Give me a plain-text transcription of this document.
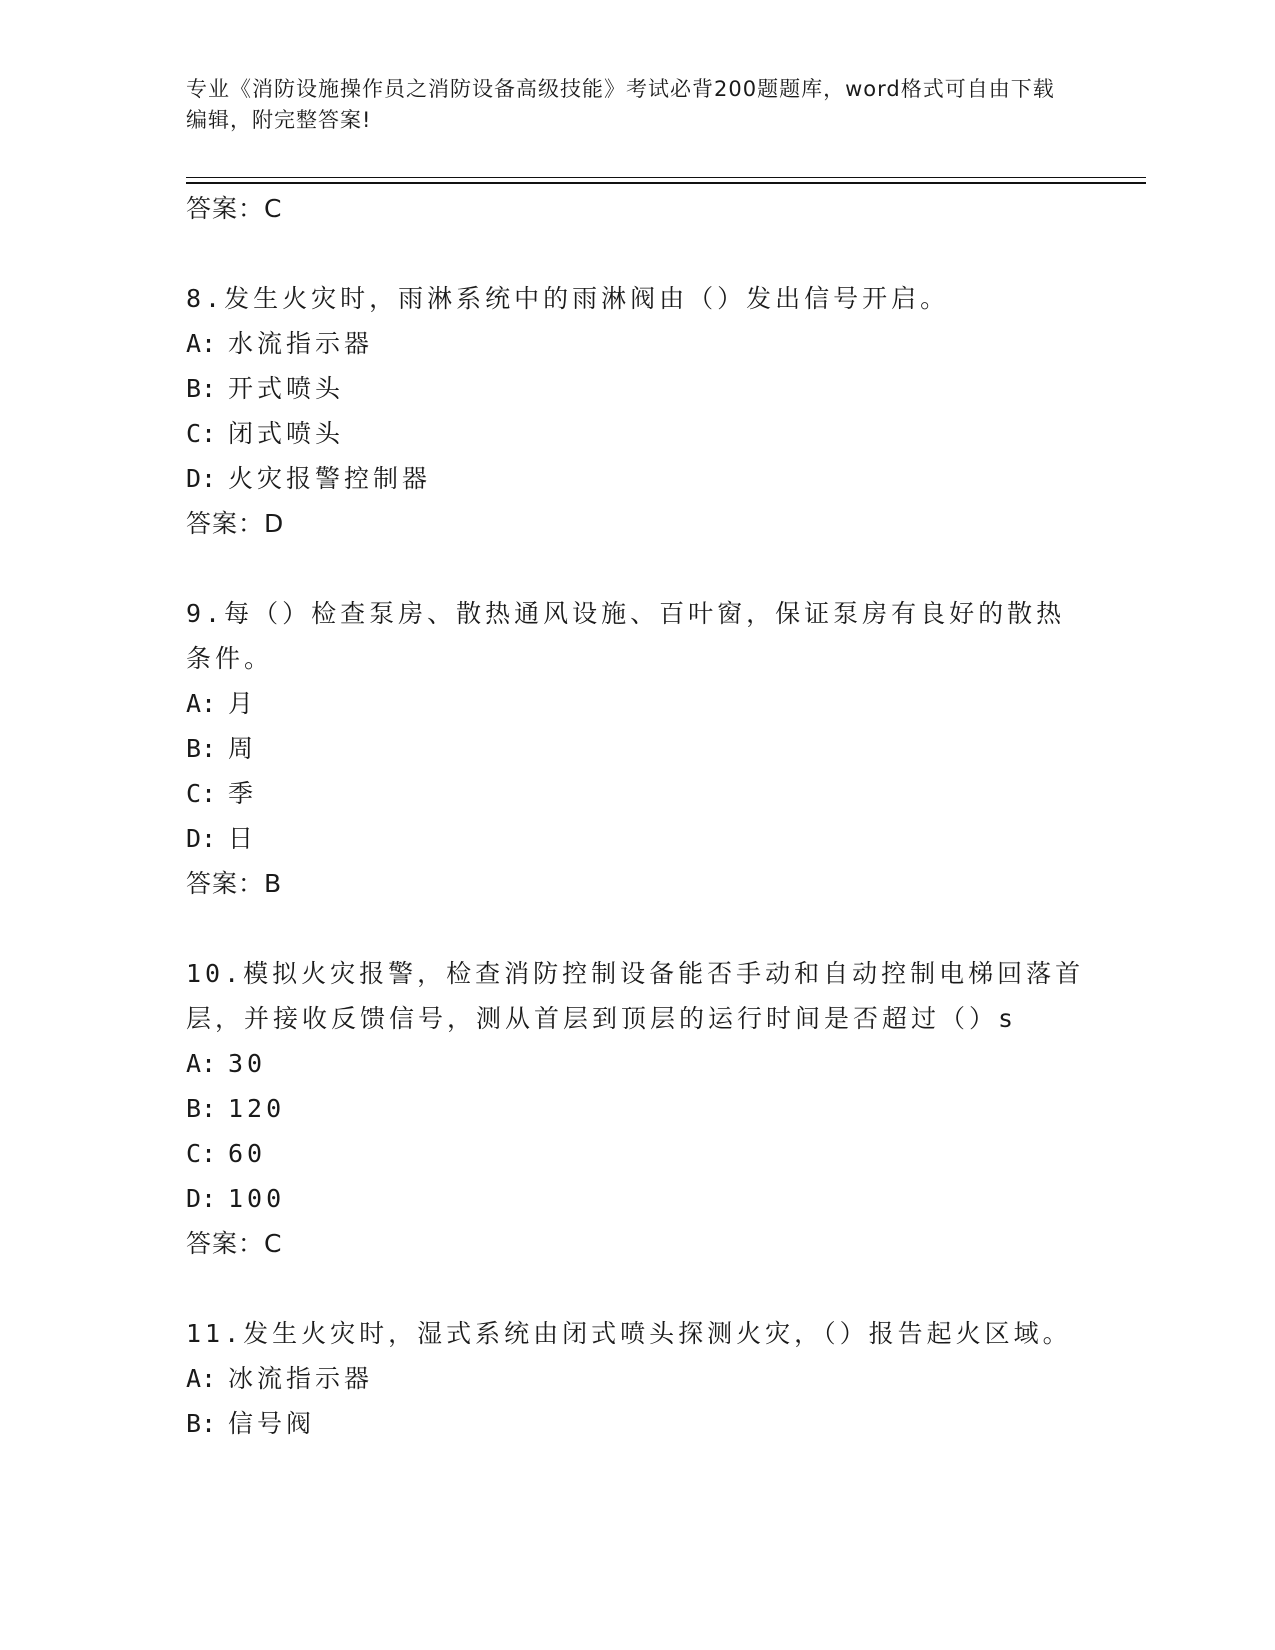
专业《消防设施操作员之消防设备高级技能》考试必背200题题库，word格式可自由下载编辑，附完整答案!
答案：C
8.发生火灾时，雨淋系统中的雨淋阀由（）发出信号开启。
A: 水流指示器
B: 开式喷头
C: 闭式喷头
D: 火灾报警控制器
答案：D
9.每（）检查泵房、散热通风设施、百叶窗，保证泵房有良好的散热条件。
A: 月
B: 周
C: 季
D: 日
答案：B
10.模拟火灾报警，检查消防控制设备能否手动和自动控制电梯回落首层，并接收反馈信号，测从首层到顶层的运行时间是否超过（）s
A: 30
B: 120
C: 60
D: 100
答案：C
11.发生火灾时，湿式系统由闭式喷头探测火灾，（）报告起火区域。
A: 冰流指示器
B: 信号阀
